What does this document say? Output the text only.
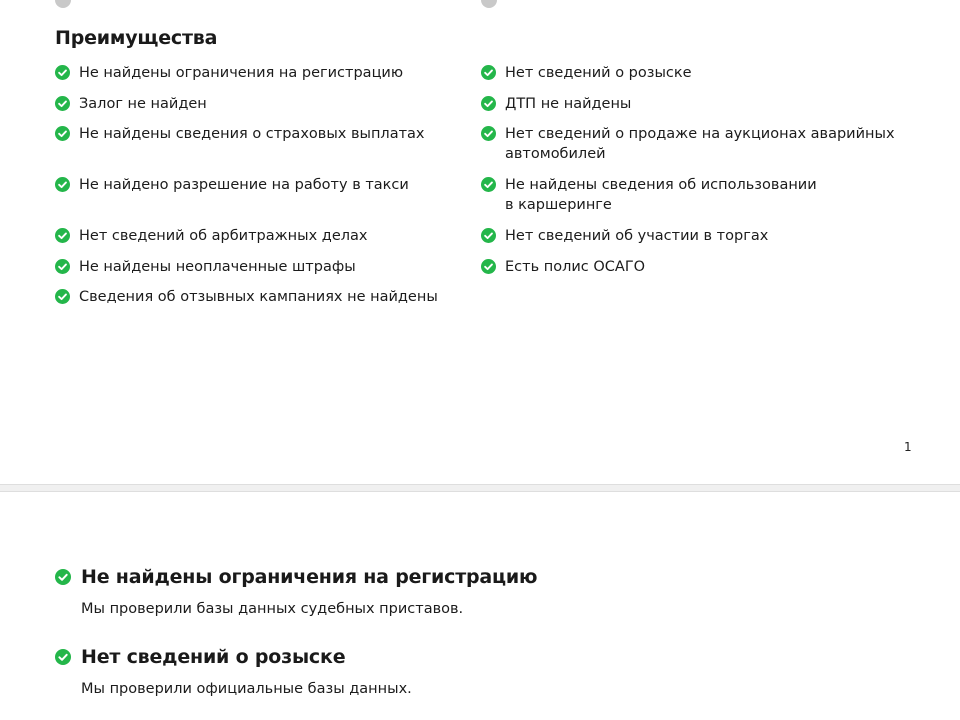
Преимущества
Не найдены ограничения на регистрацию
Залог не найден
Не найдены сведения о страховых выплатах
Не найдено разрешение на работу в такси
Нет сведений об арбитражных делах
Не найдены неоплаченные штрафы
Сведения об отзывных кампаниях не найдены
Нет сведений о розыске
ДТП не найдены
Нет сведений о продаже на аукционах аварийных
автомобилей
Не найдены сведения об использовании
в каршеринге
Нет сведений об участии в торгах
Есть полис ОСАГО
1
Не найдены ограничения на регистрацию

Мы проверили базы данных судебных приставов.

Нет сведений о розыске

Мы проверили официальные базы данных.
